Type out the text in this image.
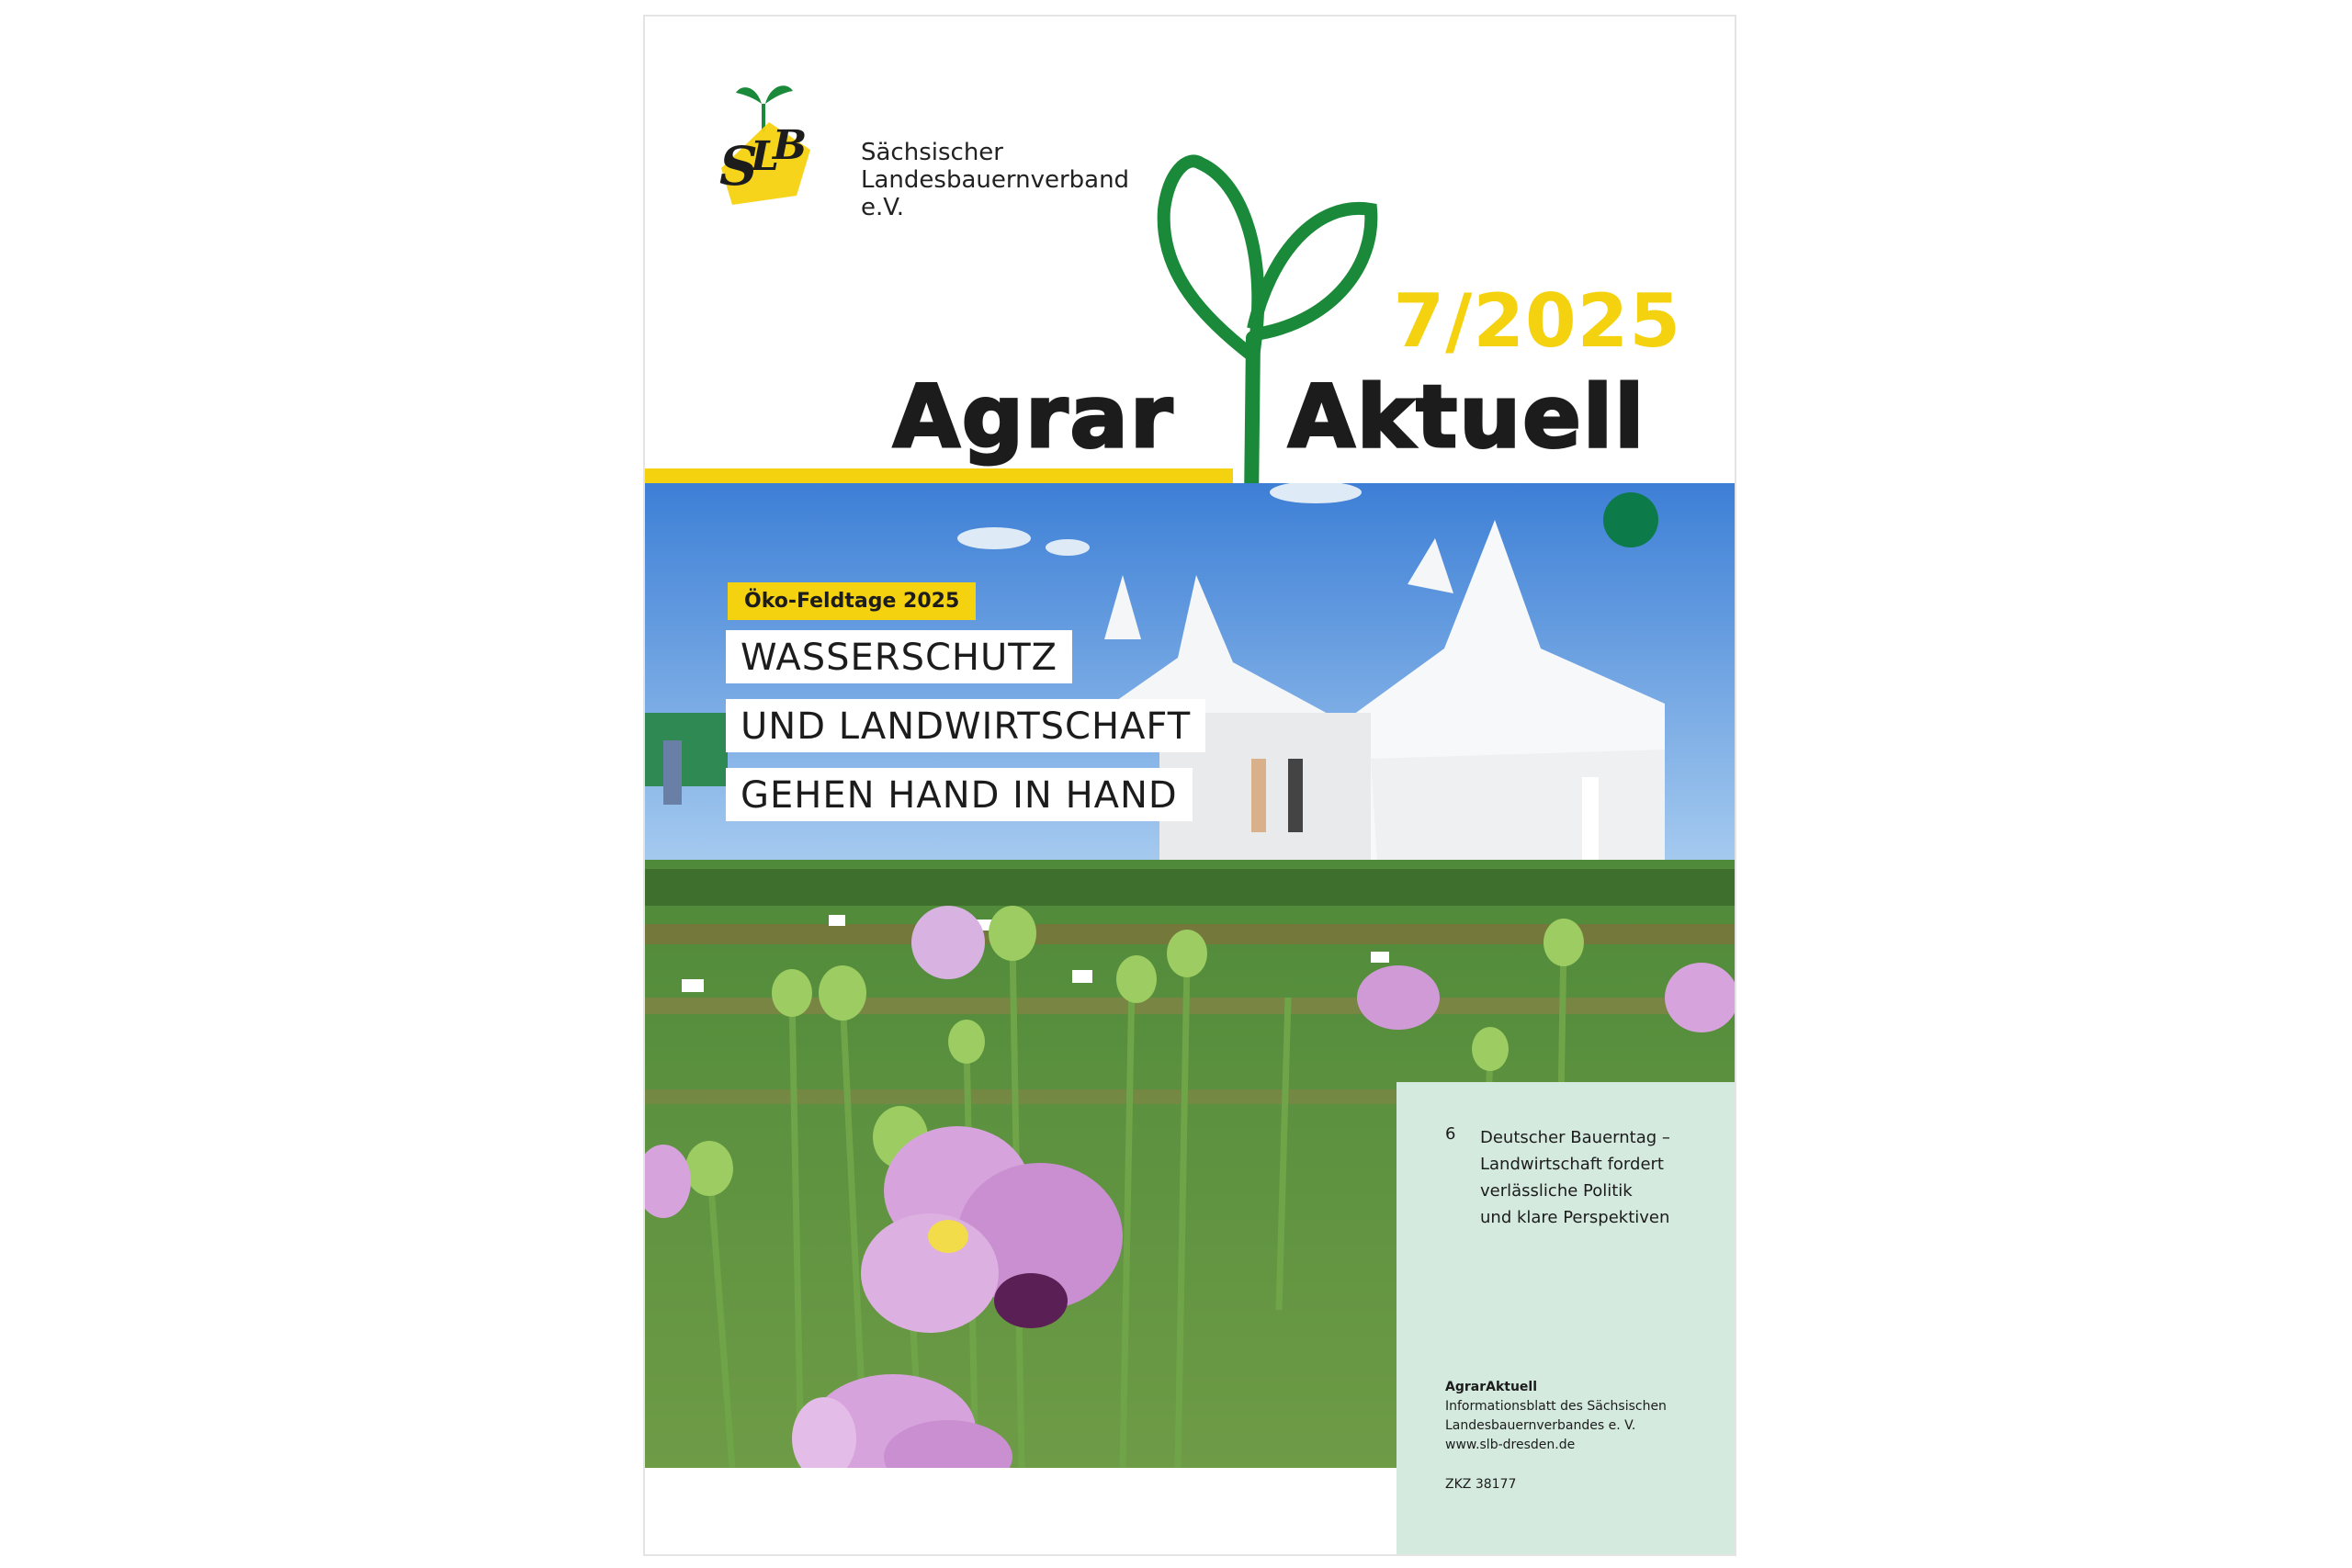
S
L
B Sächsischer
Landesbauernverband e.V.
7/2025
Agrar Aktuell
Öko-Feldtage 2025
WASSERSCHUTZ
UND LANDWIRTSCHAFT
GEHEN HAND IN HAND
6 Deutscher Bauerntag –
Landwirtschaft fordert
verlässliche Politik
und klare Perspektiven
AgrarAktuell
Informationsblatt des Sächsischen
Landesbauernverbandes e. V.
www.slb-dresden.de
ZKZ 38177
